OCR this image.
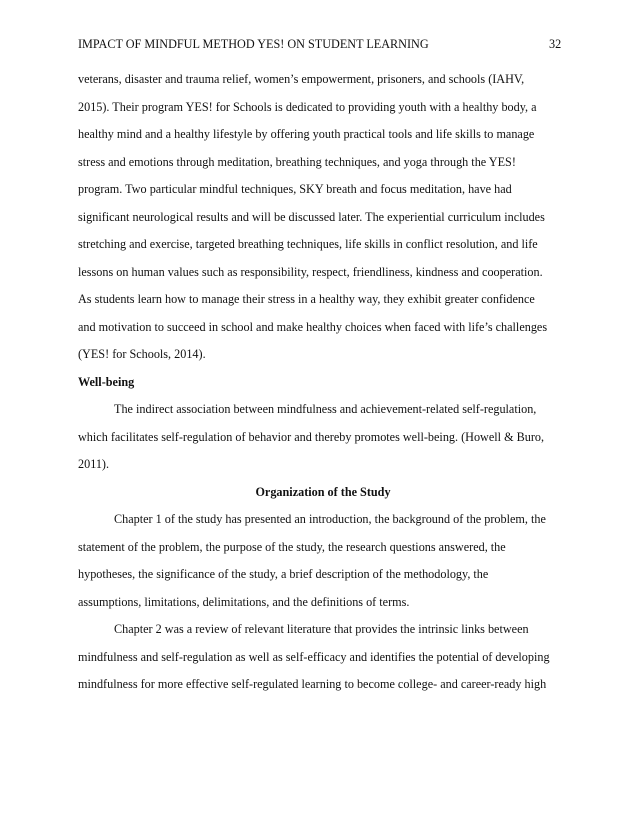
IMPACT OF MINDFUL METHOD YES! ON STUDENT LEARNING	32
veterans, disaster and trauma relief, women’s empowerment, prisoners, and schools (IAHV,
2015). Their program YES! for Schools is dedicated to providing youth with a healthy body, a
healthy mind and a healthy lifestyle by offering youth practical tools and life skills to manage
stress and emotions through meditation, breathing techniques, and yoga through the YES!
program. Two particular mindful techniques, SKY breath and focus meditation, have had
significant neurological results and will be discussed later. The experiential curriculum includes
stretching and exercise, targeted breathing techniques, life skills in conflict resolution, and life
lessons on human values such as responsibility, respect, friendliness, kindness and cooperation.
As students learn how to manage their stress in a healthy way, they exhibit greater confidence
and motivation to succeed in school and make healthy choices when faced with life’s challenges
(YES! for Schools, 2014).
Well-being
The indirect association between mindfulness and achievement-related self-regulation,
which facilitates self-regulation of behavior and thereby promotes well-being. (Howell & Buro,
2011).
Organization of the Study
Chapter 1 of the study has presented an introduction, the background of the problem, the
statement of the problem, the purpose of the study, the research questions answered, the
hypotheses, the significance of the study, a brief description of the methodology, the
assumptions, limitations, delimitations, and the definitions of terms.
Chapter 2 was a review of relevant literature that provides the intrinsic links between
mindfulness and self-regulation as well as self-efficacy and identifies the potential of developing
mindfulness for more effective self-regulated learning to become college- and career-ready high
